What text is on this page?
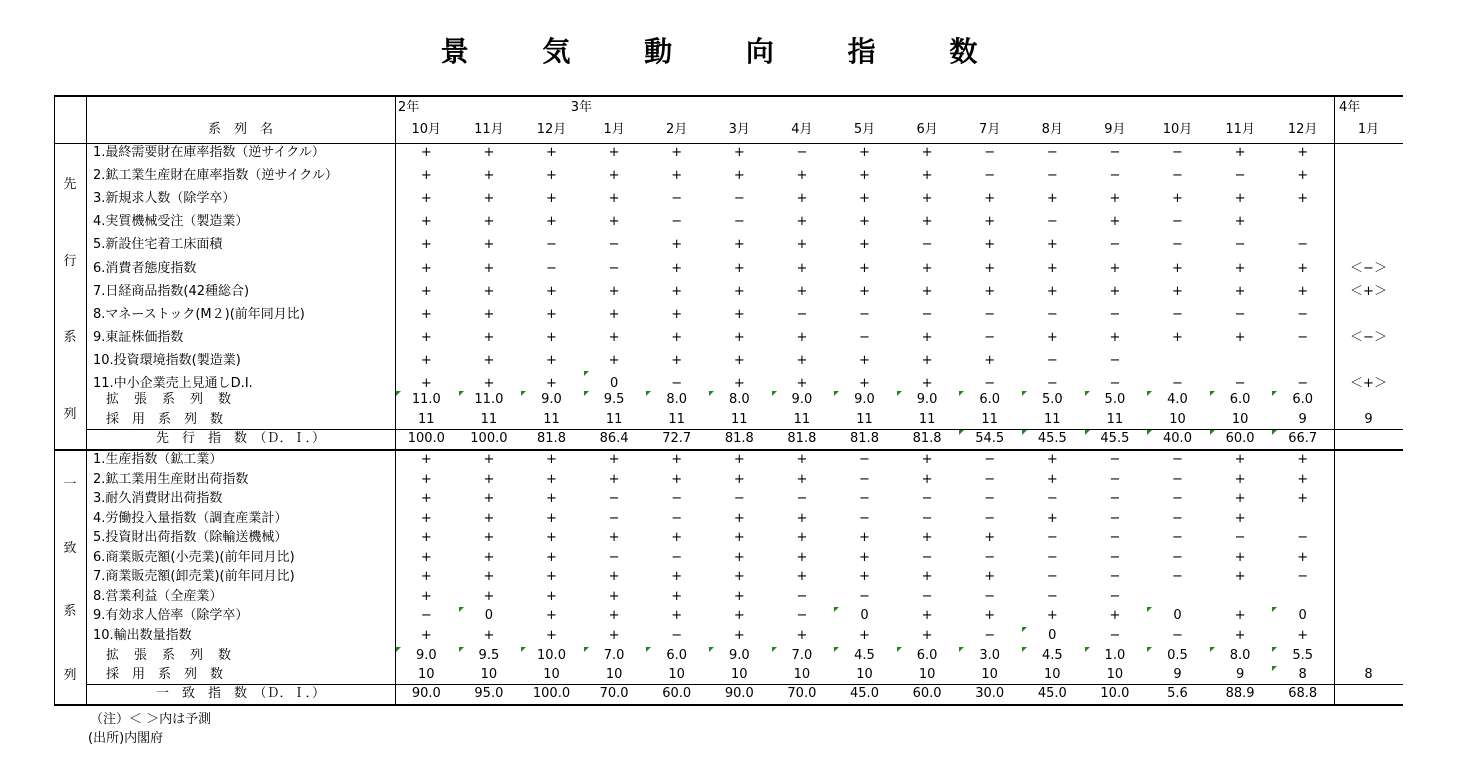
景 気 動 向 指 数
2年	3年	4年
系　列　名	10月	11月	12月	1月	2月	3月	4月	5月	6月	7月	8月	9月	10月	11月	12月	1月
1.最終需要財在庫率指数（逆サイクル）	+	+	+	+	+	+	−	+	+	−	−	−	−	+	+
2.鉱工業生産財在庫率指数（逆サイクル）	+	+	+	+	+	+	+	+	+	−	−	−	−	−	+
3.新規求人数（除学卒）	+	+	+	+	−	−	+	+	+	+	+	+	+	+	+
4.実質機械受注（製造業）	+	+	+	+	−	−	+	+	+	+	−	+	−	+
5.新設住宅着工床面積	+	+	−	−	+	+	+	+	−	+	+	−	−	−	−
6.消費者態度指数	+	+	−	−	+	+	+	+	+	+	+	+	+	+	+	＜−＞
7.日経商品指数(42種総合)	+	+	+	+	+	+	+	+	+	+	+	+	+	+	+	＜+＞
8.マネーストック(M２)(前年同月比)	+	+	+	+	+	+	−	−	−	−	−	−	−	−	−
9.東証株価指数	+	+	+	+	+	+	+	−	+	−	+	+	+	+	−	＜−＞
10.投資環境指数(製造業)	+	+	+	+	+	+	+	+	+	+	−	−
11.中小企業売上見通しD.I.	+	+	+	0	−	+	+	+	+	−	−	−	−	−	−	＜+＞
拡　張　系　列　数	11.0	11.0	9.0	9.5	8.0	8.0	9.0	9.0	9.0	6.0	5.0	5.0	4.0	6.0	6.0
採　用　系　列　数	11	11	11	11	11	11	11	11	11	11	11	11	10	10	9	9
先　行　指　数　（Ｄ．Ｉ．）	100.0	100.0	81.8	86.4	72.7	81.8	81.8	81.8	81.8	54.5	45.5	45.5	40.0	60.0	66.7
先
行
系
列
1.生産指数（鉱工業）	+	+	+	+	+	+	+	−	+	−	+	−	−	+	+
2.鉱工業用生産財出荷指数	+	+	+	+	+	+	+	−	+	−	+	−	−	+	+
3.耐久消費財出荷指数	+	+	+	−	−	−	−	−	−	−	−	−	−	+	+
4.労働投入量指数（調査産業計）	+	+	+	−	−	+	+	−	−	−	+	−	−	+
5.投資財出荷指数（除輸送機械）	+	+	+	+	+	+	+	+	+	+	−	−	−	−	−
6.商業販売額(小売業)(前年同月比)	+	+	+	−	−	+	+	+	−	−	−	−	−	+	+
7.商業販売額(卸売業)(前年同月比)	+	+	+	+	+	+	+	+	+	+	−	−	−	+	−
8.営業利益（全産業）	+	+	+	+	+	+	−	−	−	−	−	−
9.有効求人倍率（除学卒）	−	0	+	+	+	+	−	0	+	+	+	+	0	+	0
10.輸出数量指数	+	+	+	+	−	+	+	+	+	−	0	−	−	+	+
拡　張　系　列　数	9.0	9.5	10.0	7.0	6.0	9.0	7.0	4.5	6.0	3.0	4.5	1.0	0.5	8.0	5.5
採　用　系　列　数	10	10	10	10	10	10	10	10	10	10	10	10	9	9	8	8
一　致　指　数　（Ｄ．Ｉ．）	90.0	95.0	100.0	70.0	60.0	90.0	70.0	45.0	60.0	30.0	45.0	10.0	5.6	88.9	68.8
一
致
系
列
（注）＜ ＞内は予測
(出所)内閣府
